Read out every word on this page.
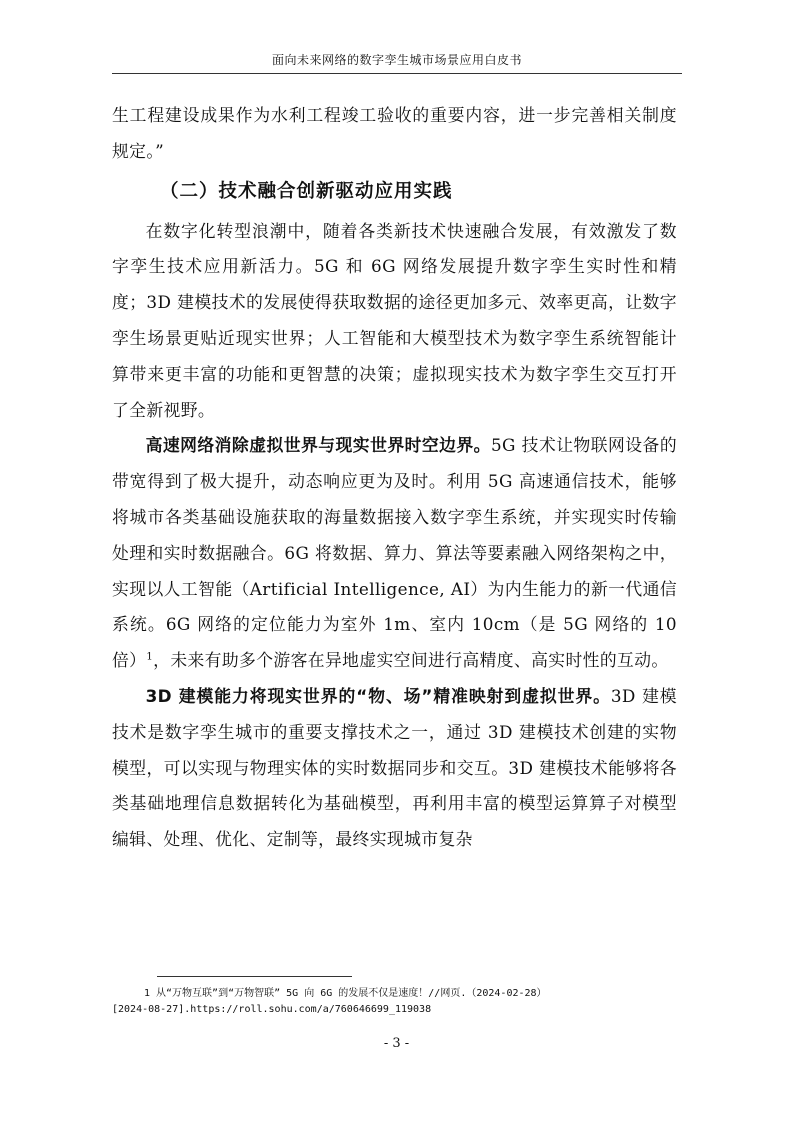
面向未来网络的数字孪生城市场景应用白皮书

生工程建设成果作为水利工程竣工验收的重要内容，进一步完善相关制度规定。”

（二）技术融合创新驱动应用实践

在数字化转型浪潮中，随着各类新技术快速融合发展，有效激发了数字孪生技术应用新活力。5G 和 6G 网络发展提升数字孪生实时性和精度；3D 建模技术的发展使得获取数据的途径更加多元、效率更高，让数字孪生场景更贴近现实世界；人工智能和大模型技术为数字孪生系统智能计算带来更丰富的功能和更智慧的决策；虚拟现实技术为数字孪生交互打开了全新视野。

高速网络消除虚拟世界与现实世界时空边界。5G 技术让物联网设备的带宽得到了极大提升，动态响应更为及时。利用 5G 高速通信技术，能够将城市各类基础设施获取的海量数据接入数字孪生系统，并实现实时传输处理和实时数据融合。6G 将数据、算力、算法等要素融入网络架构之中，实现以人工智能（Artificial Intelligence, AI）为内生能力的新一代通信系统。6G 网络的定位能力为室外 1m、室内 10cm（是 5G 网络的 10 倍）$^1$，未来有助多个游客在异地虚实空间进行高精度、高实时性的互动。

3D 建模能力将现实世界的“物、场”精准映射到虚拟世界。3D 建模技术是数字孪生城市的重要支撑技术之一，通过 3D 建模技术创建的实物模型，可以实现与物理实体的实时数据同步和交互。3D 建模技术能够将各类基础地理信息数据转化为基础模型，再利用丰富的模型运算算子对模型编辑、处理、优化、定制等，最终实现城市复杂

1 从“万物互联”到“万物智联” 5G 向 6G 的发展不仅是速度！//网页.（2024-02-28）
[2024-08-27].https://roll.sohu.com/a/760646699_119038

- 3 -
